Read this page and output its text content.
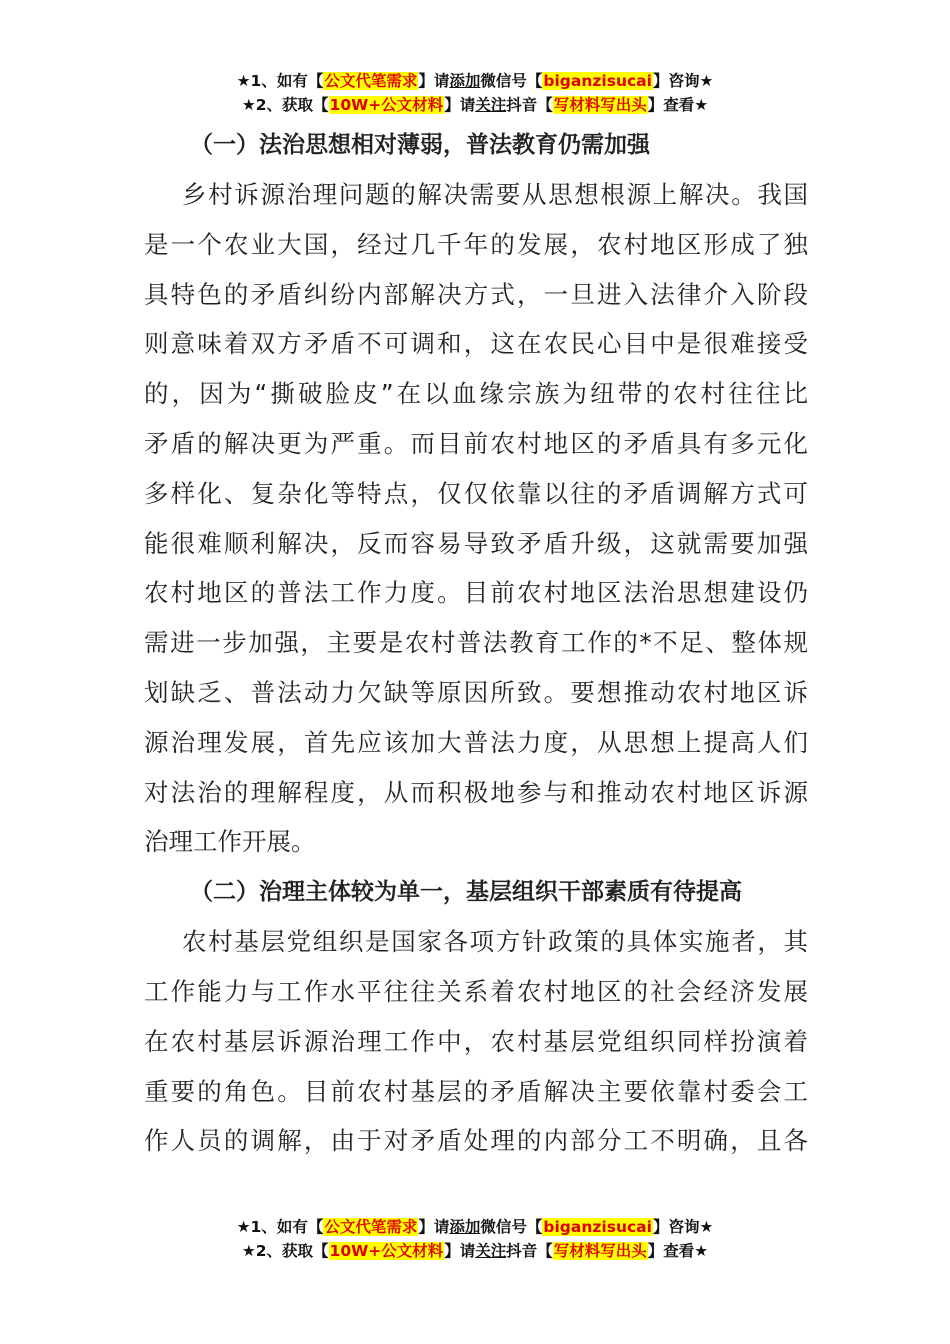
★1、如有【公文代笔需求】请添加微信号【biganzisucai】咨询★
★2、获取【10W+公文材料】请关注抖音【写材料写出头】查看★
（一）法治思想相对薄弱，普法教育仍需加强
乡村诉源治理问题的解决需要从思想根源上解决。我国
是一个农业大国，经过几千年的发展，农村地区形成了独
具特色的矛盾纠纷内部解决方式，一旦进入法律介入阶段
则意味着双方矛盾不可调和，这在农民心目中是很难接受
的，因为“撕破脸皮”在以血缘宗族为纽带的农村往往比
矛盾的解决更为严重。而目前农村地区的矛盾具有多元化
多样化、复杂化等特点，仅仅依靠以往的矛盾调解方式可
能很难顺利解决，反而容易导致矛盾升级，这就需要加强
农村地区的普法工作力度。目前农村地区法治思想建设仍
需进一步加强，主要是农村普法教育工作的*不足、整体规
划缺乏、普法动力欠缺等原因所致。要想推动农村地区诉
源治理发展，首先应该加大普法力度，从思想上提高人们
对法治的理解程度，从而积极地参与和推动农村地区诉源
治理工作开展。
（二）治理主体较为单一，基层组织干部素质有待提高
农村基层党组织是国家各项方针政策的具体实施者，其
工作能力与工作水平往往关系着农村地区的社会经济发展
在农村基层诉源治理工作中，农村基层党组织同样扮演着
重要的角色。目前农村基层的矛盾解决主要依靠村委会工
作人员的调解，由于对矛盾处理的内部分工不明确，且各
★1、如有【公文代笔需求】请添加微信号【biganzisucai】咨询★
★2、获取【10W+公文材料】请关注抖音【写材料写出头】查看★
